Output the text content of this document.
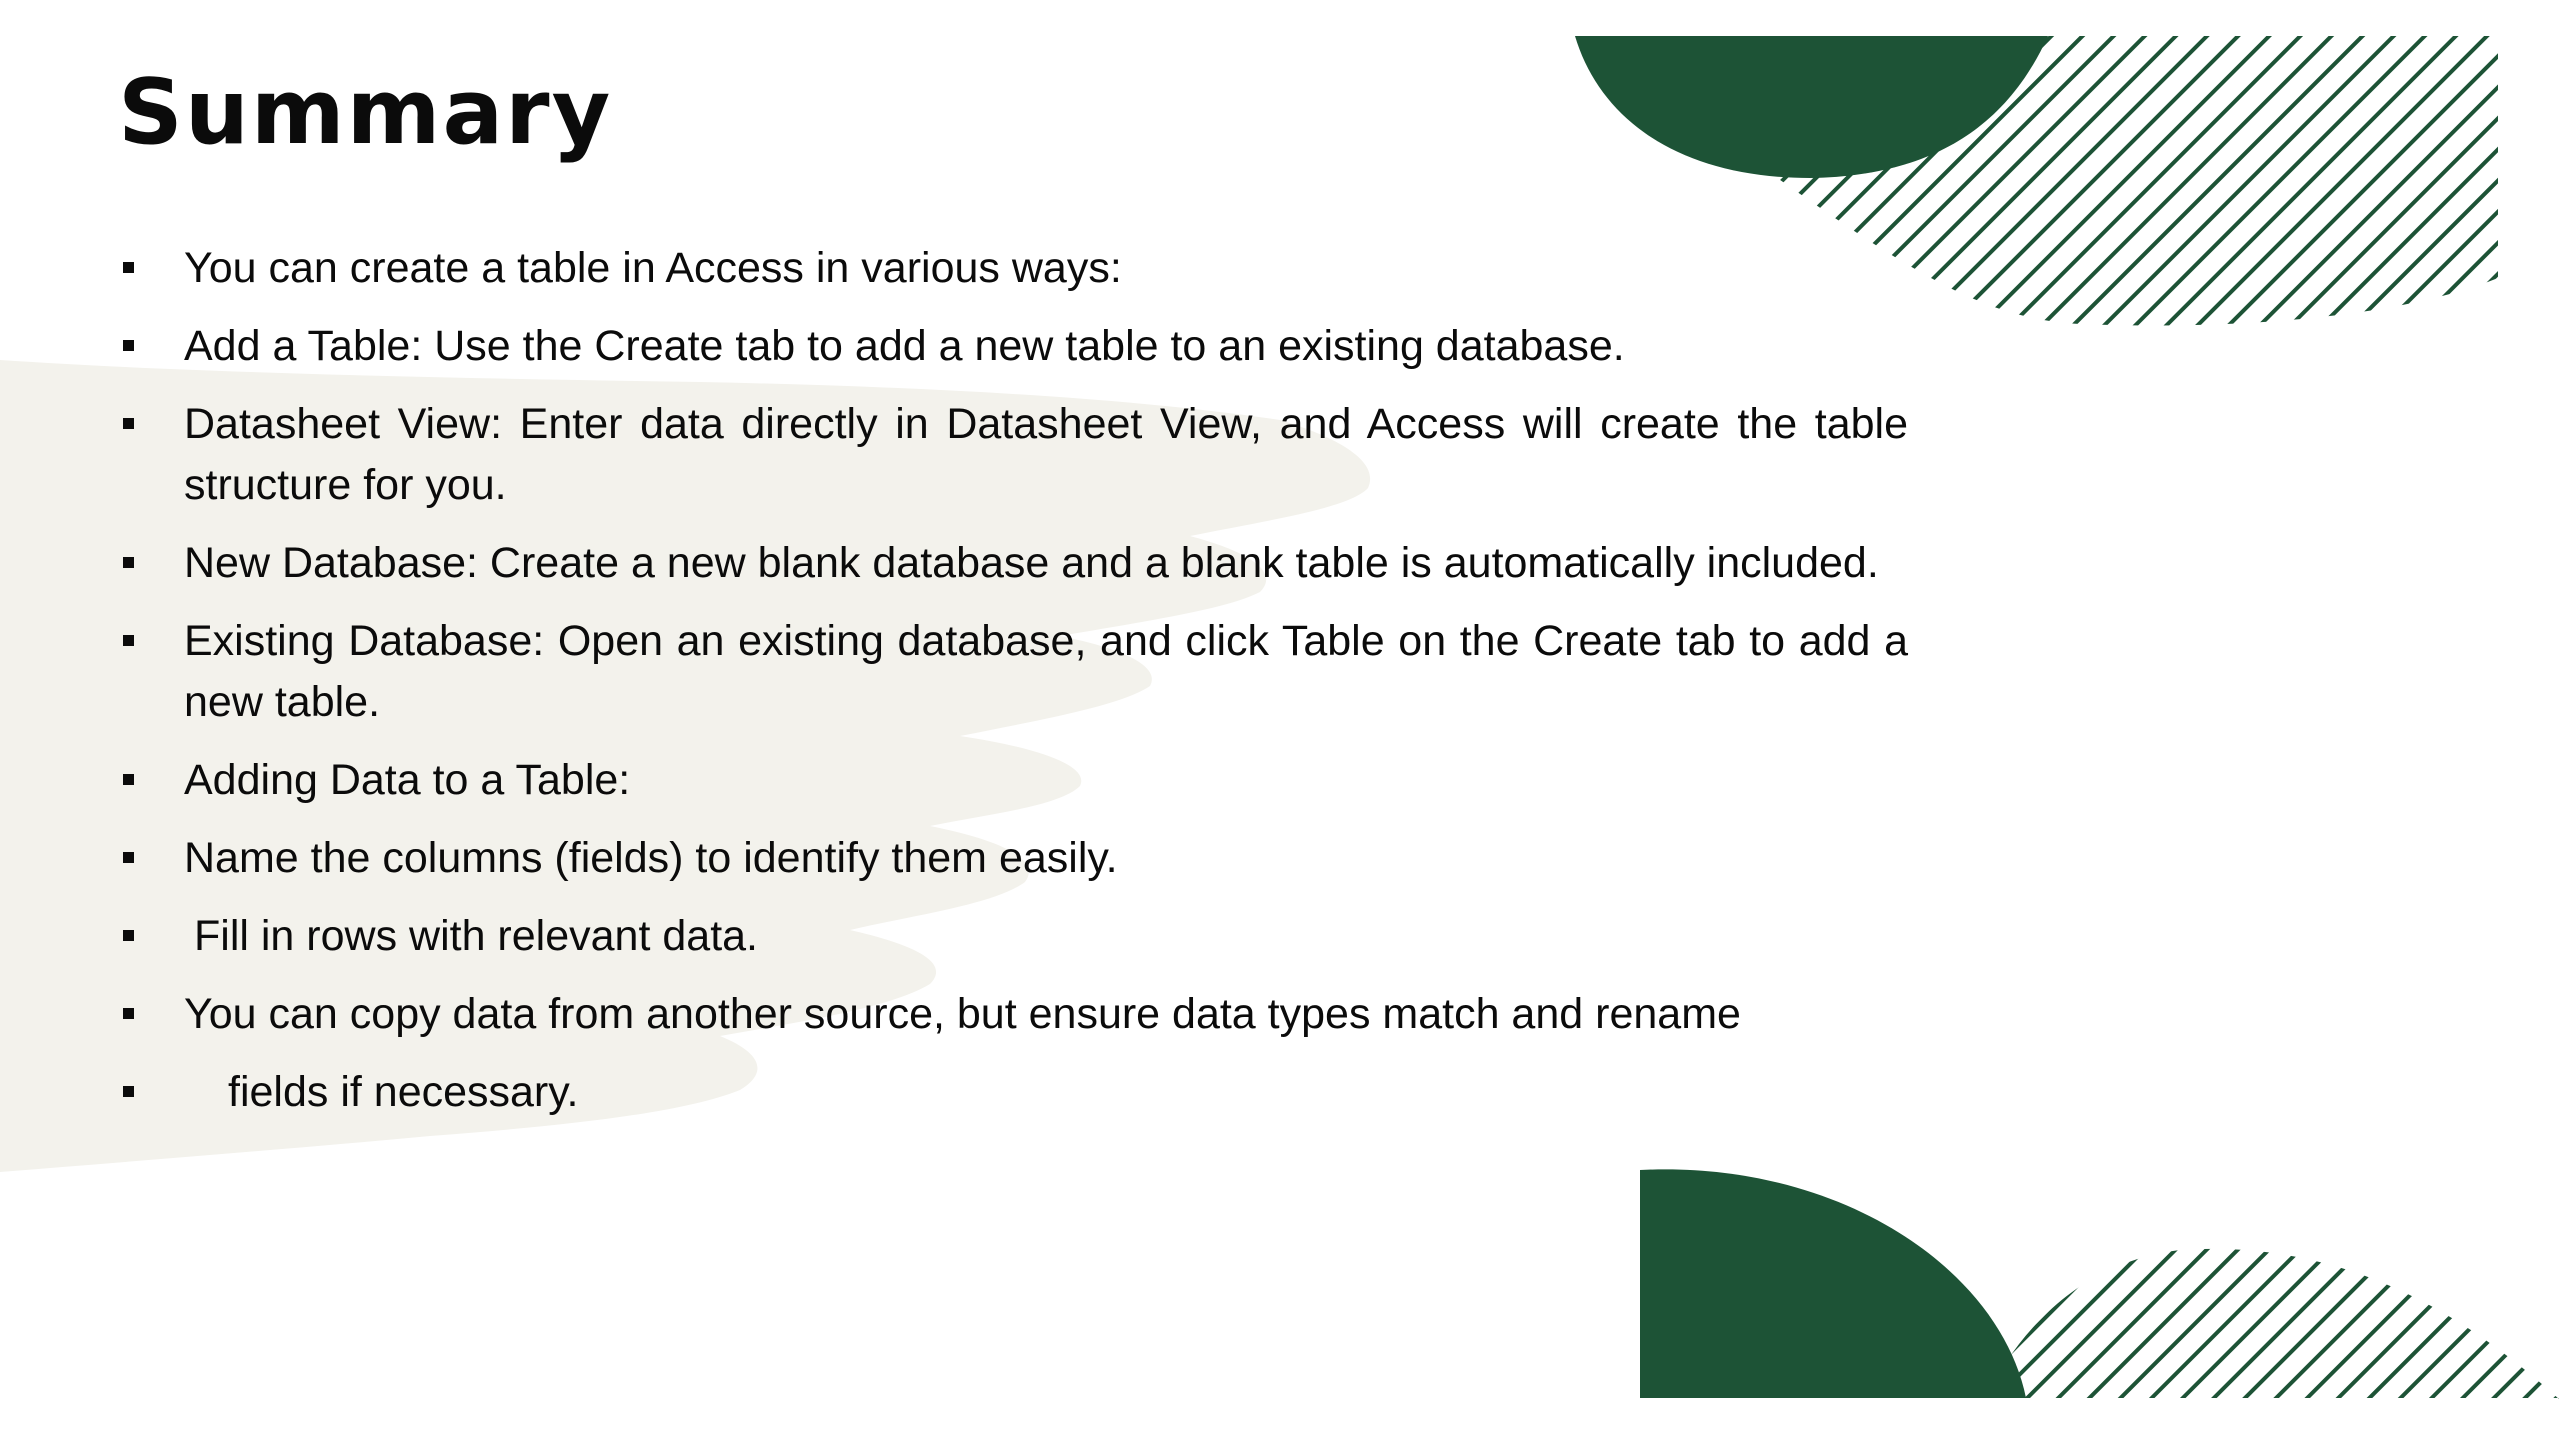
Summary
You can create a table in Access in various ways:
Add a Table: Use the Create tab to add a new table to an existing database.
Datasheet View: Enter data directly in Datasheet View, and Access will create the table structure for you.
New Database: Create a new blank database and a blank table is automatically included.
Existing Database: Open an existing database, and click Table on the Create tab to add a new table.
Adding Data to a Table:
Name the columns (fields) to identify them easily.
Fill in rows with relevant data.
You can copy data from another source, but ensure data types match and rename
fields if necessary.
